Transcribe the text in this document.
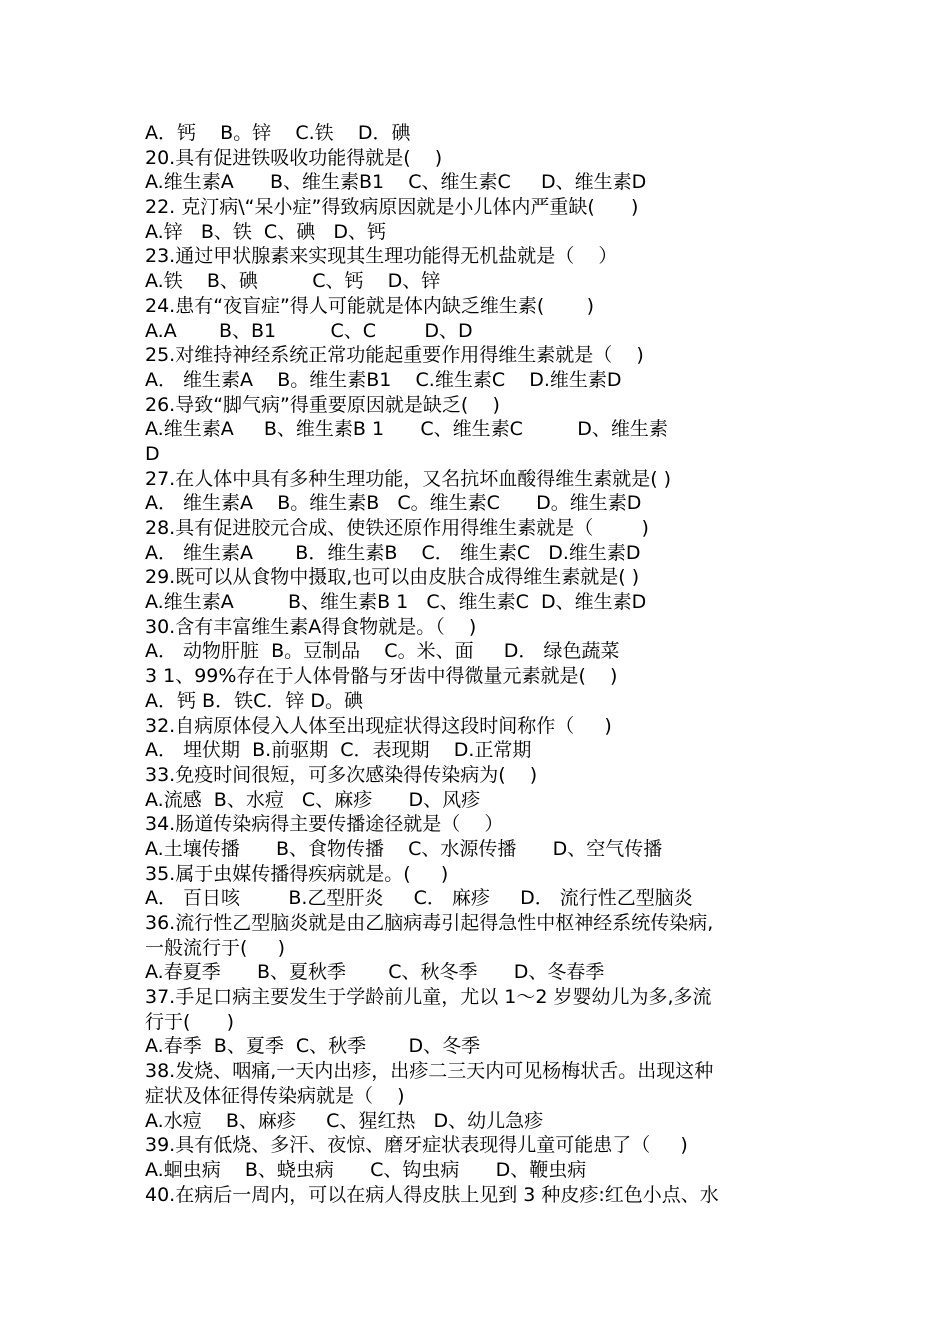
A．钙    B。锌    C.铁    D．碘
20.具有促进铁吸收功能得就是(    )
A.维生素A      B、维生素B1    C、维生素C     D、维生素D
22. 克汀病\“呆小症”得致病原因就是小儿体内严重缺(      )
A.锌   B、铁  C、碘   D、钙
23.通过甲状腺素来实现其生理功能得无机盐就是（    ）
A.铁    B、碘         C、钙    D、锌
24.患有“夜盲症”得人可能就是体内缺乏维生素(       )
A.A       B、B1         C、C        D、D
25.对维持神经系统正常功能起重要作用得维生素就是（    )
A． 维生素A    B。维生素B1    C.维生素C    D.维生素D
26.导致“脚气病”得重要原因就是缺乏(    )
A.维生素A     B、维生素B 1      C、维生素C         D、维生素
D
27.在人体中具有多种生理功能，又名抗坏血酸得维生素就是( )
A． 维生素A    B。维生素B   C。维生素C      D。维生素D
28.具有促进胶元合成、使铁还原作用得维生素就是（        )
A． 维生素A       B．维生素B    C． 维生素C   D.维生素D
29.既可以从食物中摄取,也可以由皮肤合成得维生素就是( )
A.维生素A         B、维生素B 1   C、维生素C  D、维生素D
30.含有丰富维生素A得食物就是。（    )
A． 动物肝脏  B。豆制品    C。米、面     D． 绿色蔬菜
3 1、99%存在于人体骨骼与牙齿中得微量元素就是(    )
A．钙 B．铁C．锌 D。碘
32.自病原体侵入人体至出现症状得这段时间称作（     )
A． 埋伏期  B.前驱期  C．表现期    D.正常期
33.免疫时间很短，可多次感染得传染病为(    )
A.流感  B、水痘   C、麻疹      D、风疹
34.肠道传染病得主要传播途径就是（    ）
A.土壤传播      B、食物传播    C、水源传播      D、空气传播
35.属于虫媒传播得疾病就是。(     )
A． 百日咳        B.乙型肝炎     C． 麻疹     D． 流行性乙型脑炎
36.流行性乙型脑炎就是由乙脑病毒引起得急性中枢神经系统传染病,
一般流行于(     )
A.春夏季      B、夏秋季       C、秋冬季      D、冬春季
37.手足口病主要发生于学龄前儿童，尤以 1～2 岁婴幼儿为多,多流
行于(      )
A.春季  B、夏季  C、秋季       D、冬季
38.发烧、咽痛,一天内出疹，出疹二三天内可见杨梅状舌。出现这种
症状及体征得传染病就是（    )
A.水痘    B、麻疹     C、猩红热   D、幼儿急疹
39.具有低烧、多汗、夜惊、磨牙症状表现得儿童可能患了（     )
A.蛔虫病    B、蛲虫病      C、钩虫病      D、鞭虫病
40.在病后一周内，可以在病人得皮肤上见到 3 种皮疹:红色小点、水
